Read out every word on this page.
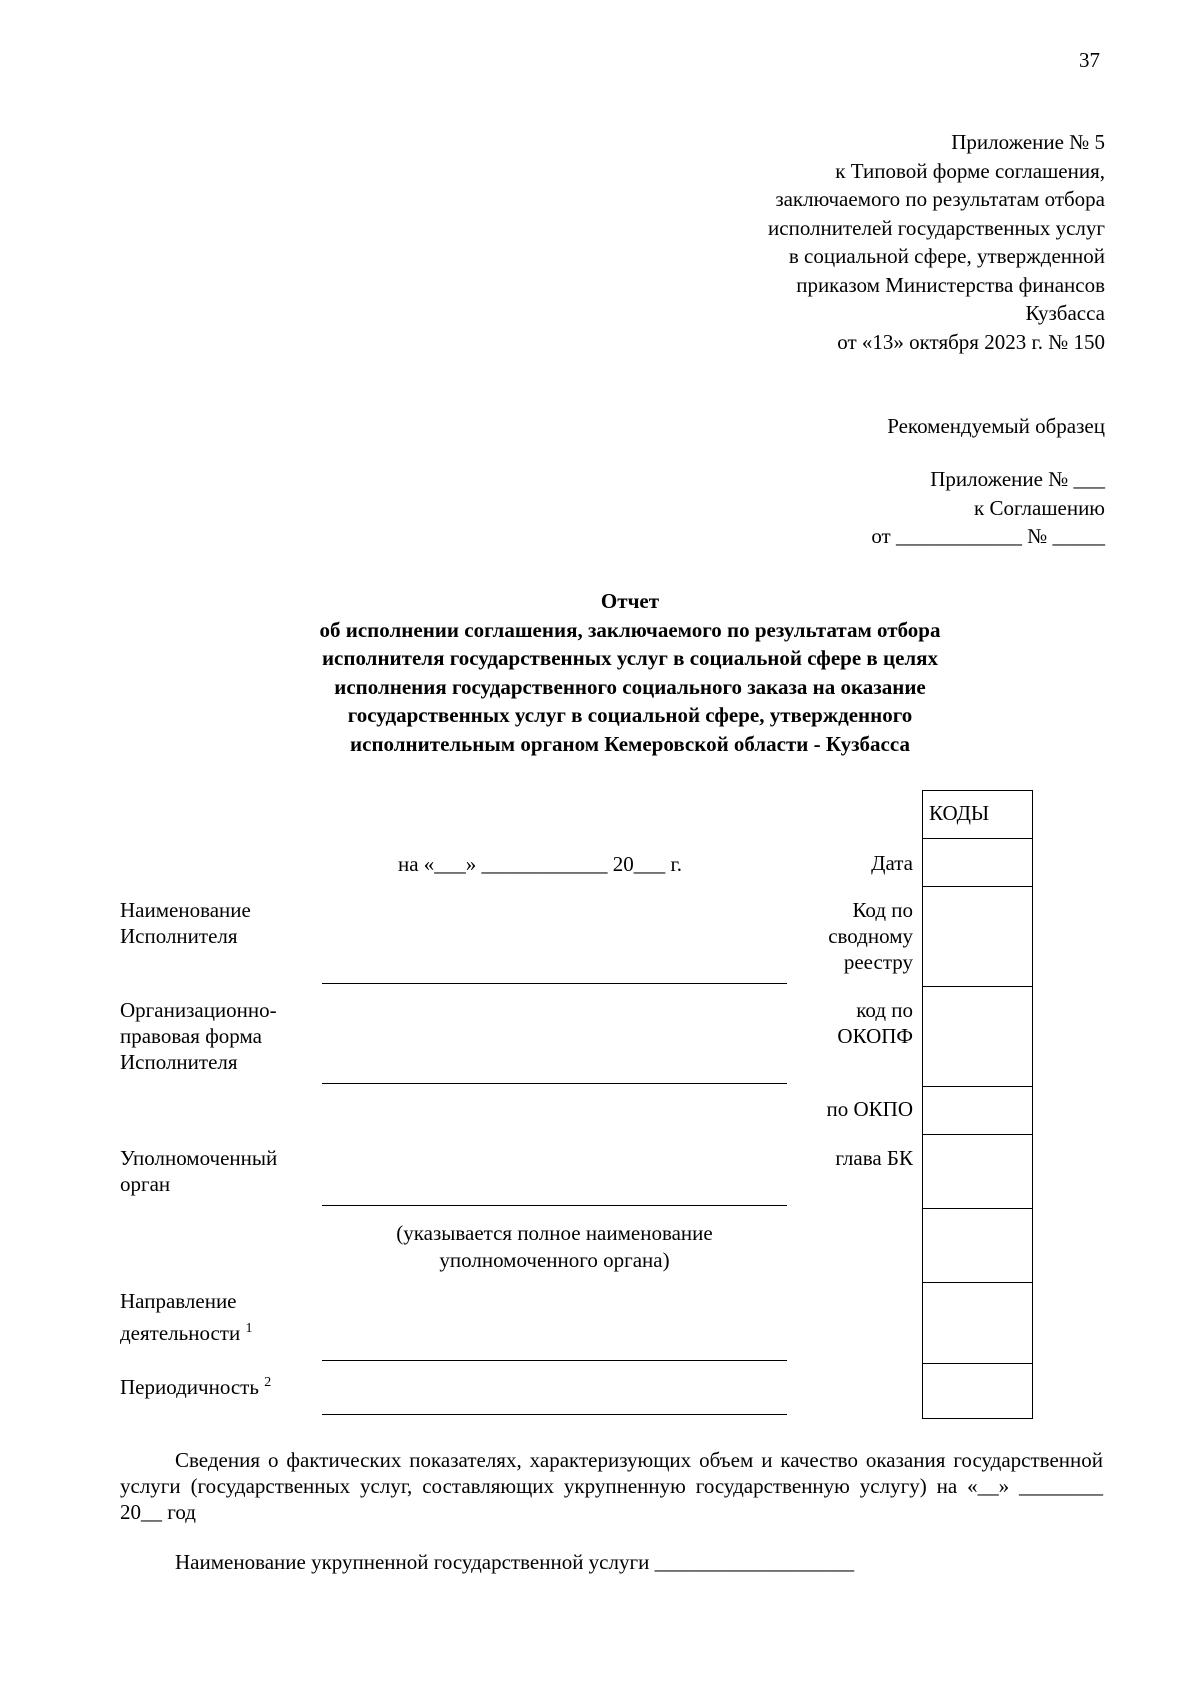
37
Приложение № 5
к Типовой форме соглашения,
заключаемого по результатам отбора
исполнителей государственных услуг
в социальной сфере, утвержденной
приказом Министерства финансов
Кузбасса
от «13» октября 2023 г. № 150
Рекомендуемый образец
Приложение № ___
к Соглашению
от ____________ № _____
Отчет
об исполнении соглашения, заключаемого по результатам отбора
исполнителя государственных услуг в социальной сфере в целях
исполнения государственного социального заказа на оказание
государственных услуг в социальной сфере, утвержденного
исполнительным органом Кемеровской области - Кузбасса
КОДЫ
Дата
Код по
сводному
реестру
код по
ОКОПФ
по ОКПО
глава БК
на «___» ____________ 20___ г.
Наименование
Исполнителя
Организационно-
правовая форма
Исполнителя
Уполномоченный
орган
Направление
деятельности $^1$
Периодичность $^2$
(указывается полное наименование
уполномоченного органа)
Сведения о фактических показателях, характеризующих объем и качество оказания государственной услуги (государственных услуг, составляющих укрупненную государственную услугу) на «__» ________ 20__ год
Наименование укрупненной государственной услуги ___________________
